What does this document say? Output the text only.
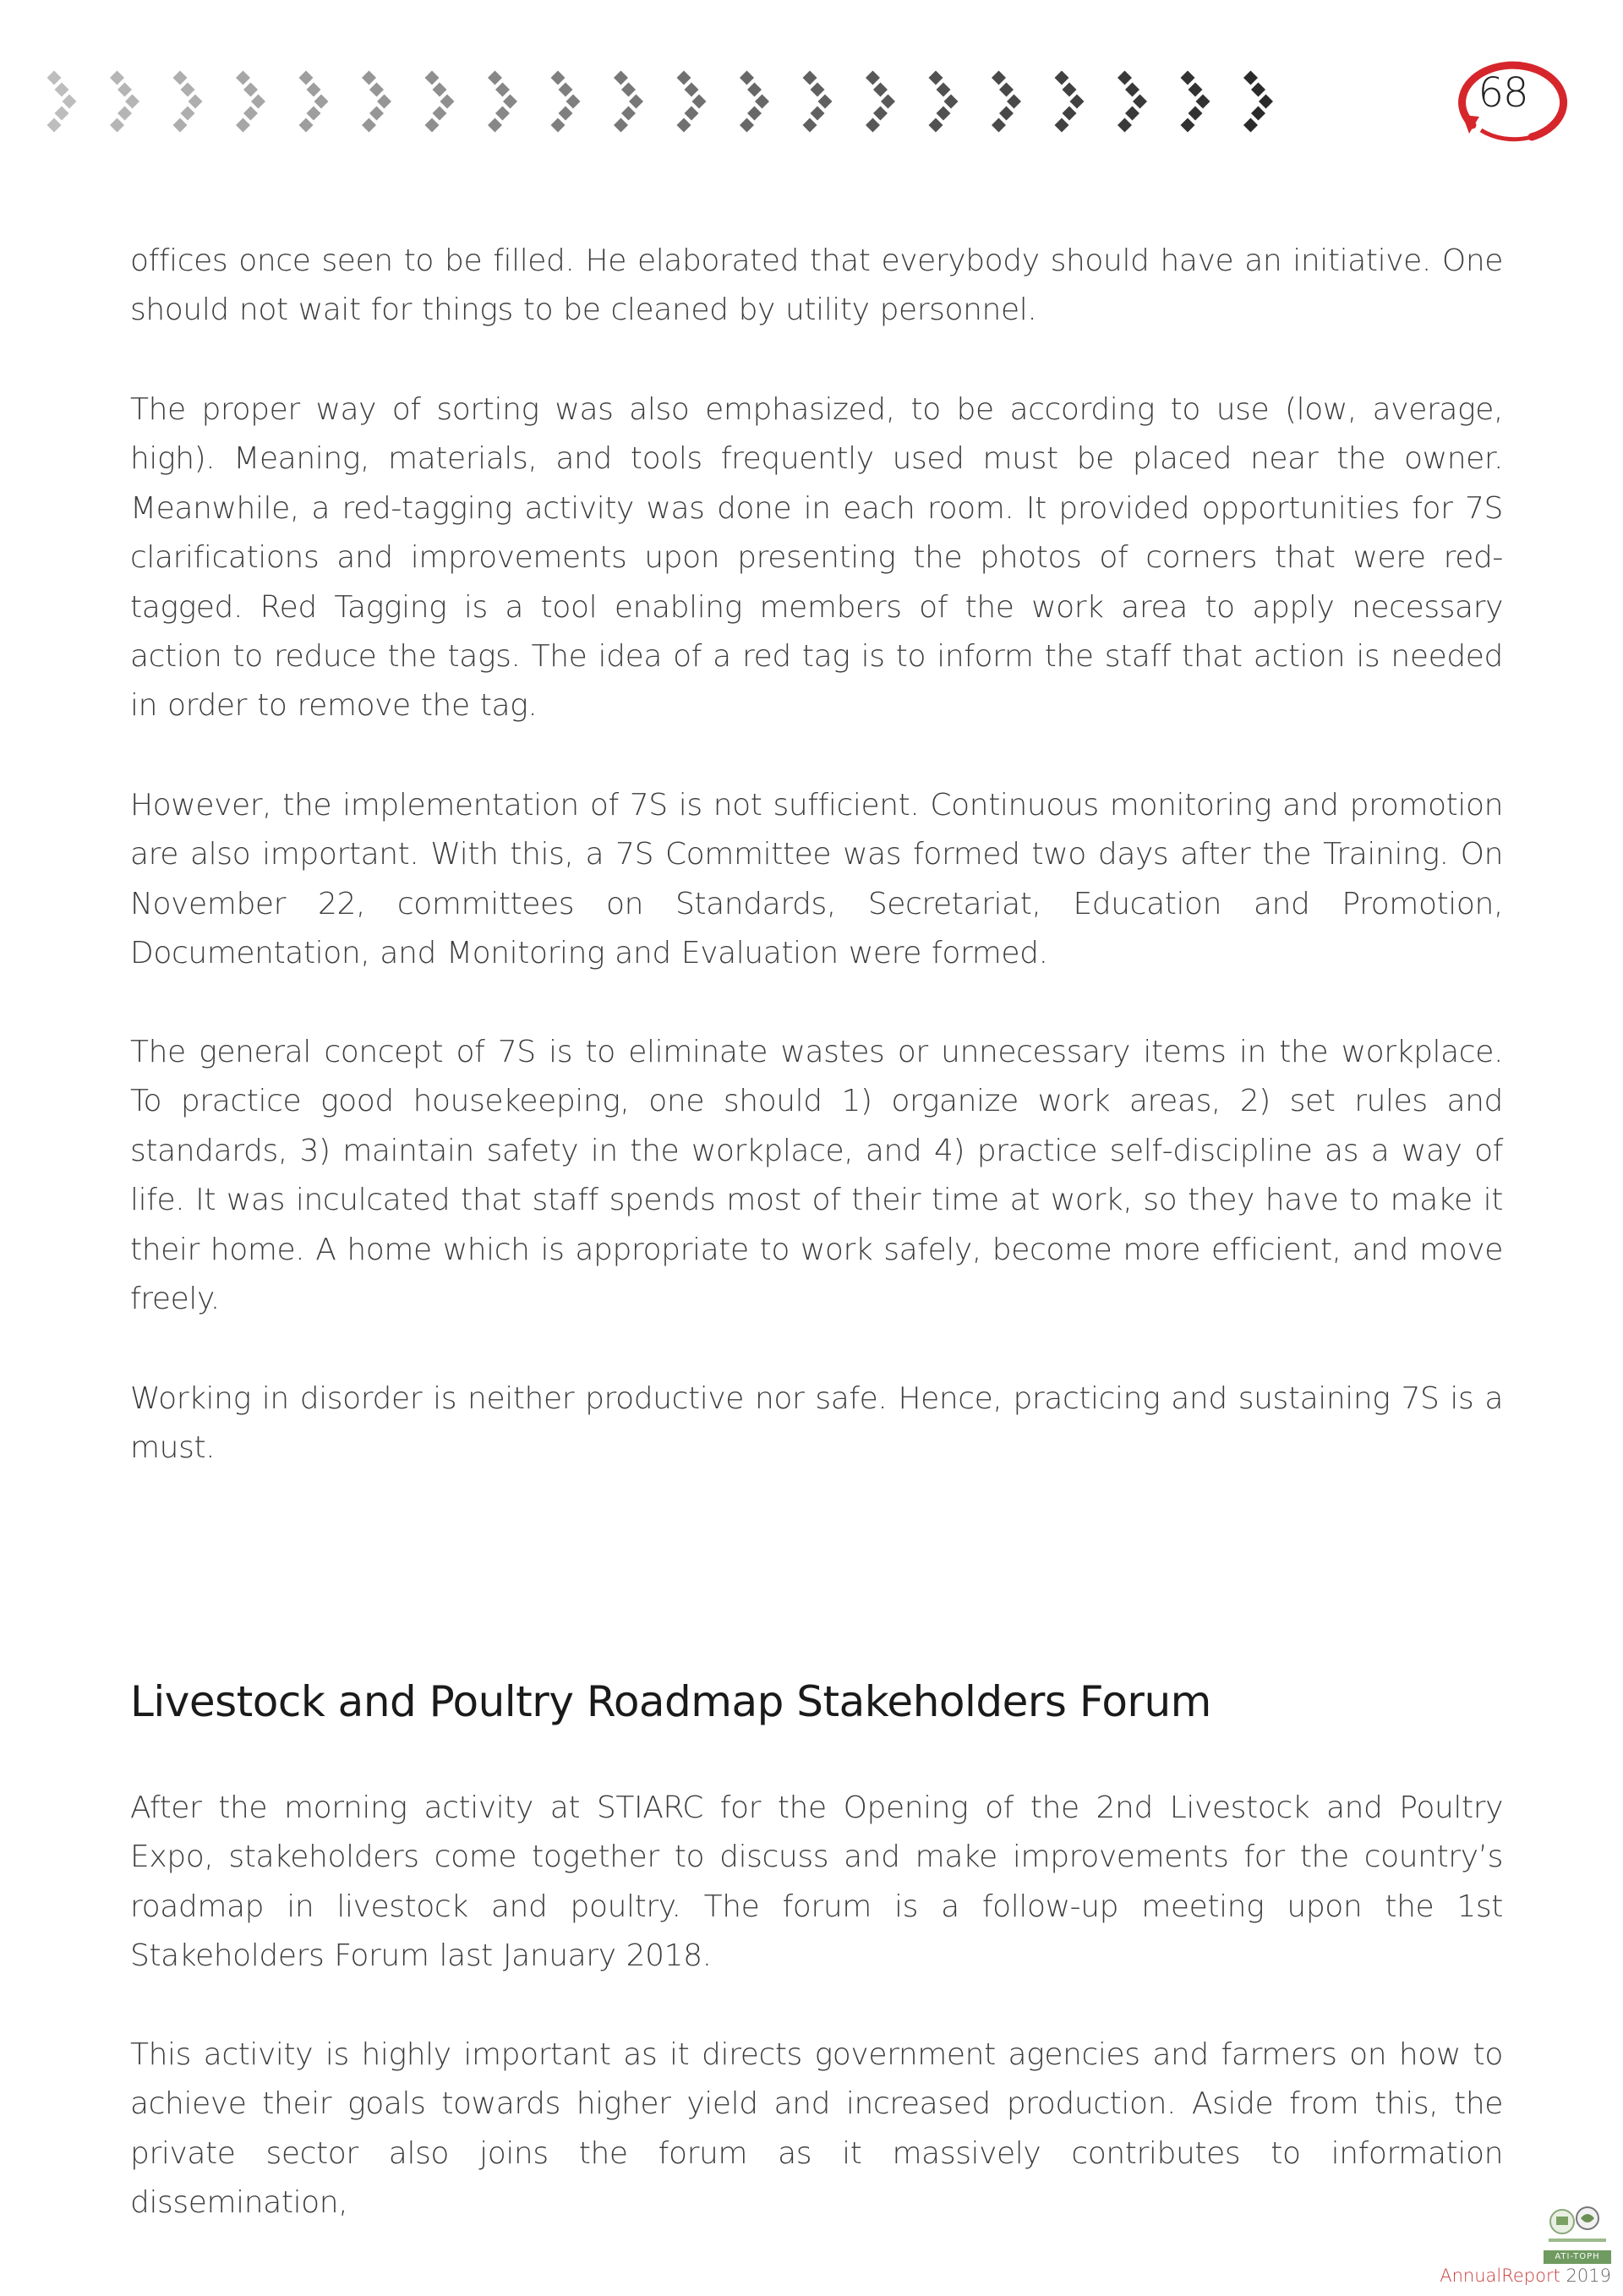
68

offices once seen to be filled. He elaborated that everybody should have an initiative. One should not wait for things to be cleaned by utility personnel.

The proper way of sorting was also emphasized, to be according to use (low, average, high). Meaning, materials, and tools frequently used must be placed near the owner. Meanwhile, a red-tagging activity was done in each room. It provided opportunities for 7S clarifications and improvements upon presenting the photos of corners that were red-tagged. Red Tagging is a tool enabling members of the work area to apply necessary action to reduce the tags. The idea of a red tag is to inform the staff that action is needed in order to remove the tag.

However, the implementation of 7S is not sufficient. Continuous monitoring and promotion are also important. With this, a 7S Committee was formed two days after the Training. On November 22, committees on Standards, Secretariat, Education and Promotion, Documentation, and Monitoring and Evaluation were formed.

The general concept of 7S is to eliminate wastes or unnecessary items in the workplace. To practice good housekeeping, one should 1) organize work areas, 2) set rules and standards, 3) maintain safety in the workplace, and 4) practice self-discipline as a way of life. It was inculcated that staff spends most of their time at work, so they have to make it their home. A home which is appropriate to work safely, become more efficient, and move freely.

Working in disorder is neither productive nor safe. Hence, practicing and sustaining 7S is a must.

Livestock and Poultry Roadmap Stakeholders Forum

After the morning activity at STIARC for the Opening of the 2nd Livestock and Poultry Expo, stakeholders come together to discuss and make improvements for the country’s roadmap in livestock and poultry. The forum is a follow-up meeting upon the 1st Stakeholders Forum last January 2018.

This activity is highly important as it directs government agencies and farmers on how to achieve their goals towards higher yield and increased production. Aside from this, the private sector also joins the forum as it massively contributes to information dissemination,

ATI-TOPH
AnnualReport 2019
